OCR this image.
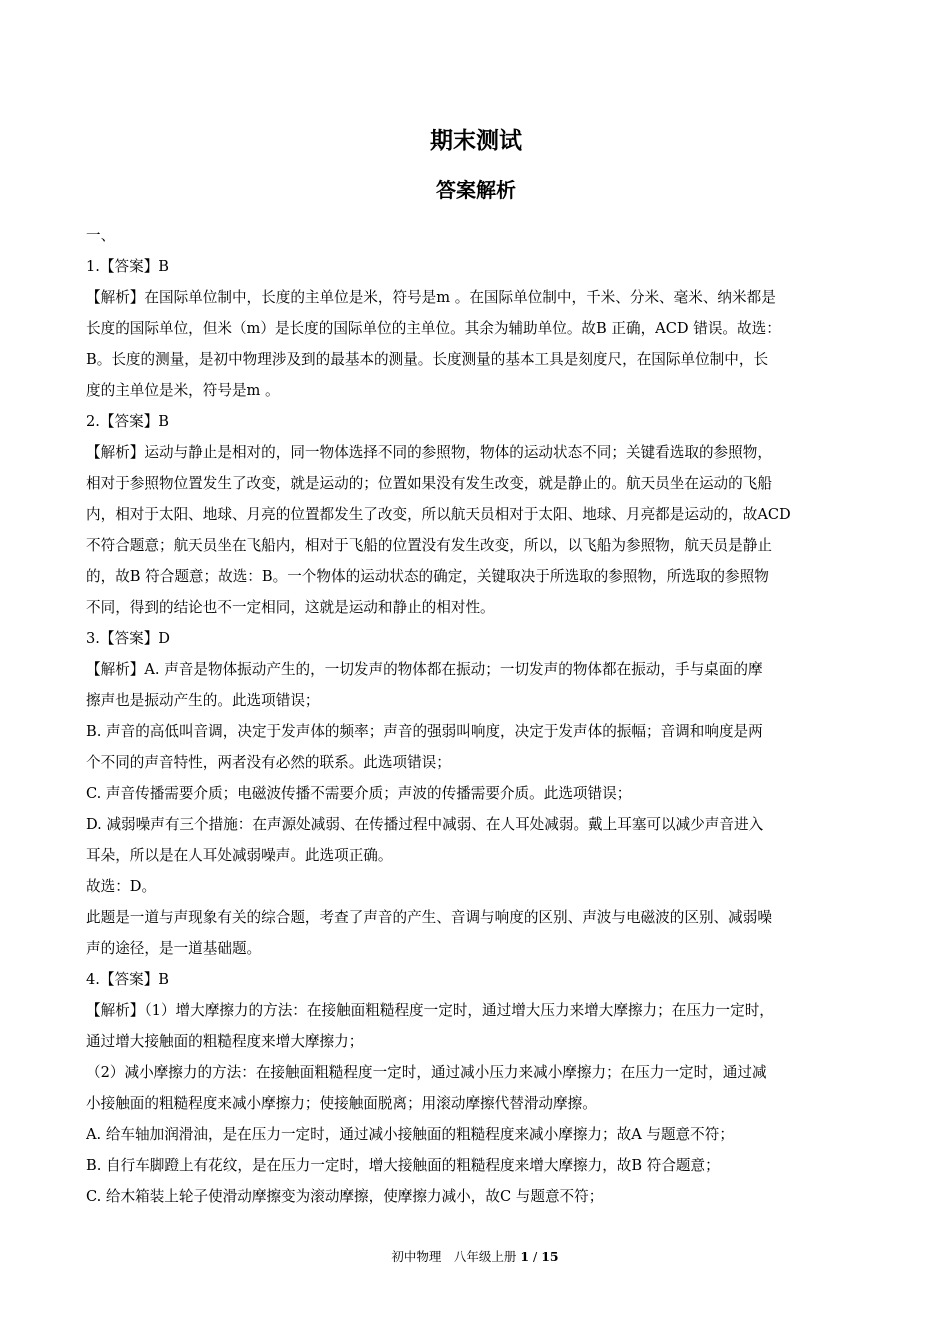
期末测试
答案解析
一、
1.【答案】B
【解析】在国际单位制中，长度的主单位是米，符号是m 。在国际单位制中，千米、分米、毫米、纳米都是
长度的国际单位，但米（m）是长度的国际单位的主单位。其余为辅助单位。故B 正确，ACD 错误。故选：
B。长度的测量，是初中物理涉及到的最基本的测量。长度测量的基本工具是刻度尺，在国际单位制中，长
度的主单位是米，符号是m 。
2.【答案】B
【解析】运动与静止是相对的，同一物体选择不同的参照物，物体的运动状态不同；关键看选取的参照物，
相对于参照物位置发生了改变，就是运动的；位置如果没有发生改变，就是静止的。航天员坐在运动的飞船
内，相对于太阳、地球、月亮的位置都发生了改变，所以航天员相对于太阳、地球、月亮都是运动的，故ACD
不符合题意；航天员坐在飞船内，相对于飞船的位置没有发生改变，所以，以飞船为参照物，航天员是静止
的，故B 符合题意；故选：B。一个物体的运动状态的确定，关键取决于所选取的参照物，所选取的参照物
不同，得到的结论也不一定相同，这就是运动和静止的相对性。
3.【答案】D
【解析】A. 声音是物体振动产生的，一切发声的物体都在振动；一切发声的物体都在振动，手与桌面的摩
擦声也是振动产生的。此选项错误；
B. 声音的高低叫音调，决定于发声体的频率；声音的强弱叫响度，决定于发声体的振幅；音调和响度是两
个不同的声音特性，两者没有必然的联系。此选项错误；
C. 声音传播需要介质；电磁波传播不需要介质；声波的传播需要介质。此选项错误；
D. 减弱噪声有三个措施：在声源处减弱、在传播过程中减弱、在人耳处减弱。戴上耳塞可以减少声音进入
耳朵，所以是在人耳处减弱噪声。此选项正确。
故选：D。
此题是一道与声现象有关的综合题，考查了声音的产生、音调与响度的区别、声波与电磁波的区别、减弱噪
声的途径，是一道基础题。
4.【答案】B
【解析】（1）增大摩擦力的方法：在接触面粗糙程度一定时，通过增大压力来增大摩擦力；在压力一定时，
通过增大接触面的粗糙程度来增大摩擦力；
（2）减小摩擦力的方法：在接触面粗糙程度一定时，通过减小压力来减小摩擦力；在压力一定时，通过减
小接触面的粗糙程度来减小摩擦力；使接触面脱离；用滚动摩擦代替滑动摩擦。
A. 给车轴加润滑油，是在压力一定时，通过减小接触面的粗糙程度来减小摩擦力；故A 与题意不符；
B. 自行车脚蹬上有花纹，是在压力一定时，增大接触面的粗糙程度来增大摩擦力，故B 符合题意；
C. 给木箱装上轮子使滑动摩擦变为滚动摩擦，使摩擦力减小，故C 与题意不符；
初中物理　八年级上册 1 / 15
